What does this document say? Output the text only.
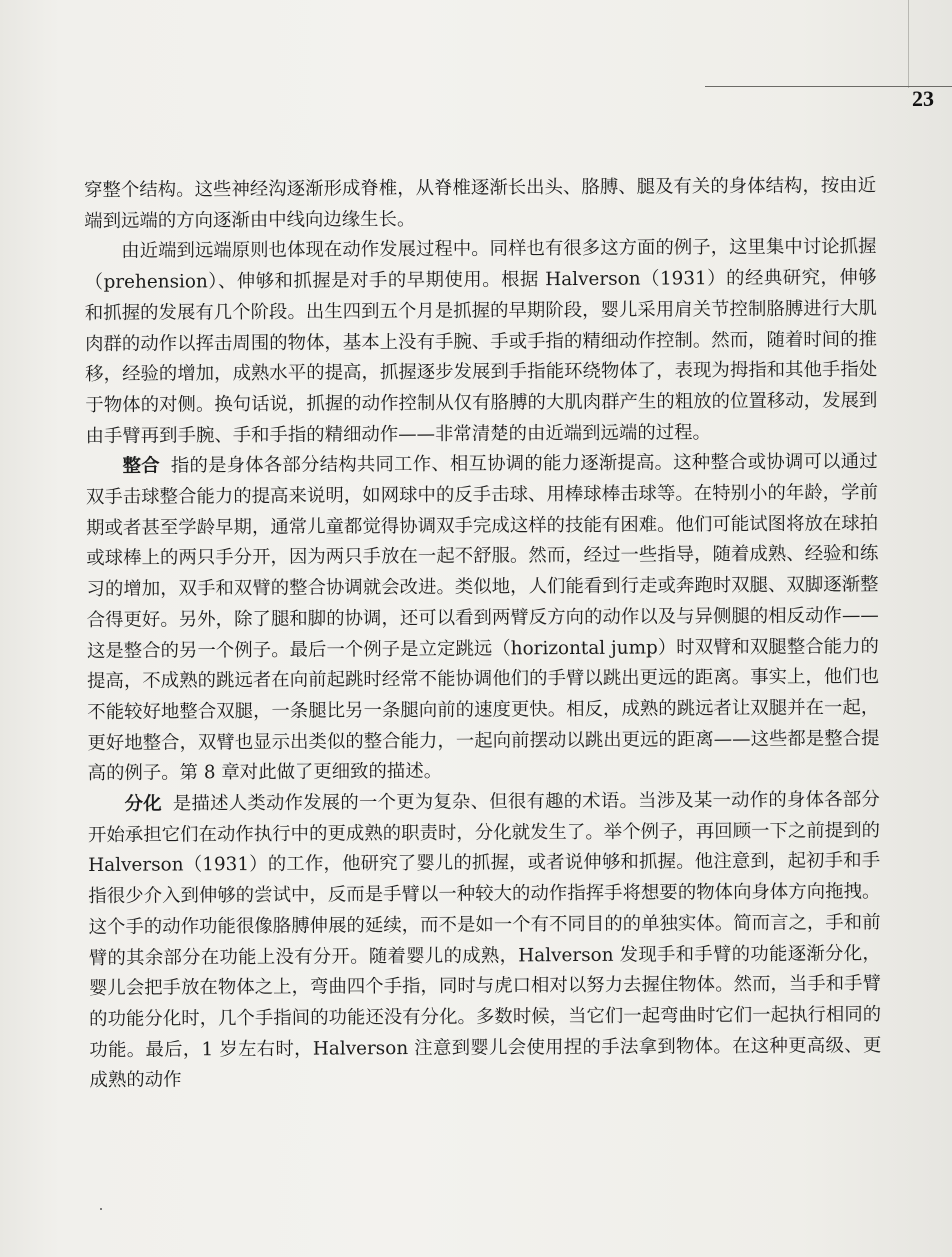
23

穿整个结构。这些神经沟逐渐形成脊椎，从脊椎逐渐长出头、胳膊、腿及有关的身体结构，按由近端到远端的方向逐渐由中线向边缘生长。

由近端到远端原则也体现在动作发展过程中。同样也有很多这方面的例子，这里集中讨论抓握（prehension）、伸够和抓握是对手的早期使用。根据 Halverson（1931）的经典研究，伸够和抓握的发展有几个阶段。出生四到五个月是抓握的早期阶段，婴儿采用肩关节控制胳膊进行大肌肉群的动作以挥击周围的物体，基本上没有手腕、手或手指的精细动作控制。然而，随着时间的推移，经验的增加，成熟水平的提高，抓握逐步发展到手指能环绕物体了，表现为拇指和其他手指处于物体的对侧。换句话说，抓握的动作控制从仅有胳膊的大肌肉群产生的粗放的位置移动，发展到由手臂再到手腕、手和手指的精细动作——非常清楚的由近端到远端的过程。

整合 指的是身体各部分结构共同工作、相互协调的能力逐渐提高。这种整合或协调可以通过双手击球整合能力的提高来说明，如网球中的反手击球、用棒球棒击球等。在特别小的年龄，学前期或者甚至学龄早期，通常儿童都觉得协调双手完成这样的技能有困难。他们可能试图将放在球拍或球棒上的两只手分开，因为两只手放在一起不舒服。然而，经过一些指导，随着成熟、经验和练习的增加，双手和双臂的整合协调就会改进。类似地，人们能看到行走或奔跑时双腿、双脚逐渐整合得更好。另外，除了腿和脚的协调，还可以看到两臂反方向的动作以及与异侧腿的相反动作——这是整合的另一个例子。最后一个例子是立定跳远（horizontal jump）时双臂和双腿整合能力的提高，不成熟的跳远者在向前起跳时经常不能协调他们的手臂以跳出更远的距离。事实上，他们也不能较好地整合双腿，一条腿比另一条腿向前的速度更快。相反，成熟的跳远者让双腿并在一起，更好地整合，双臂也显示出类似的整合能力，一起向前摆动以跳出更远的距离——这些都是整合提高的例子。第 8 章对此做了更细致的描述。

分化 是描述人类动作发展的一个更为复杂、但很有趣的术语。当涉及某一动作的身体各部分开始承担它们在动作执行中的更成熟的职责时，分化就发生了。举个例子，再回顾一下之前提到的 Halverson（1931）的工作，他研究了婴儿的抓握，或者说伸够和抓握。他注意到，起初手和手指很少介入到伸够的尝试中，反而是手臂以一种较大的动作指挥手将想要的物体向身体方向拖拽。这个手的动作功能很像胳膊伸展的延续，而不是如一个有不同目的的单独实体。简而言之，手和前臂的其余部分在功能上没有分开。随着婴儿的成熟，Halverson 发现手和手臂的功能逐渐分化，婴儿会把手放在物体之上，弯曲四个手指，同时与虎口相对以努力去握住物体。然而，当手和手臂的功能分化时，几个手指间的功能还没有分化。多数时候，当它们一起弯曲时它们一起执行相同的功能。最后，1 岁左右时，Halverson 注意到婴儿会使用捏的手法拿到物体。在这种更高级、更成熟的动作
